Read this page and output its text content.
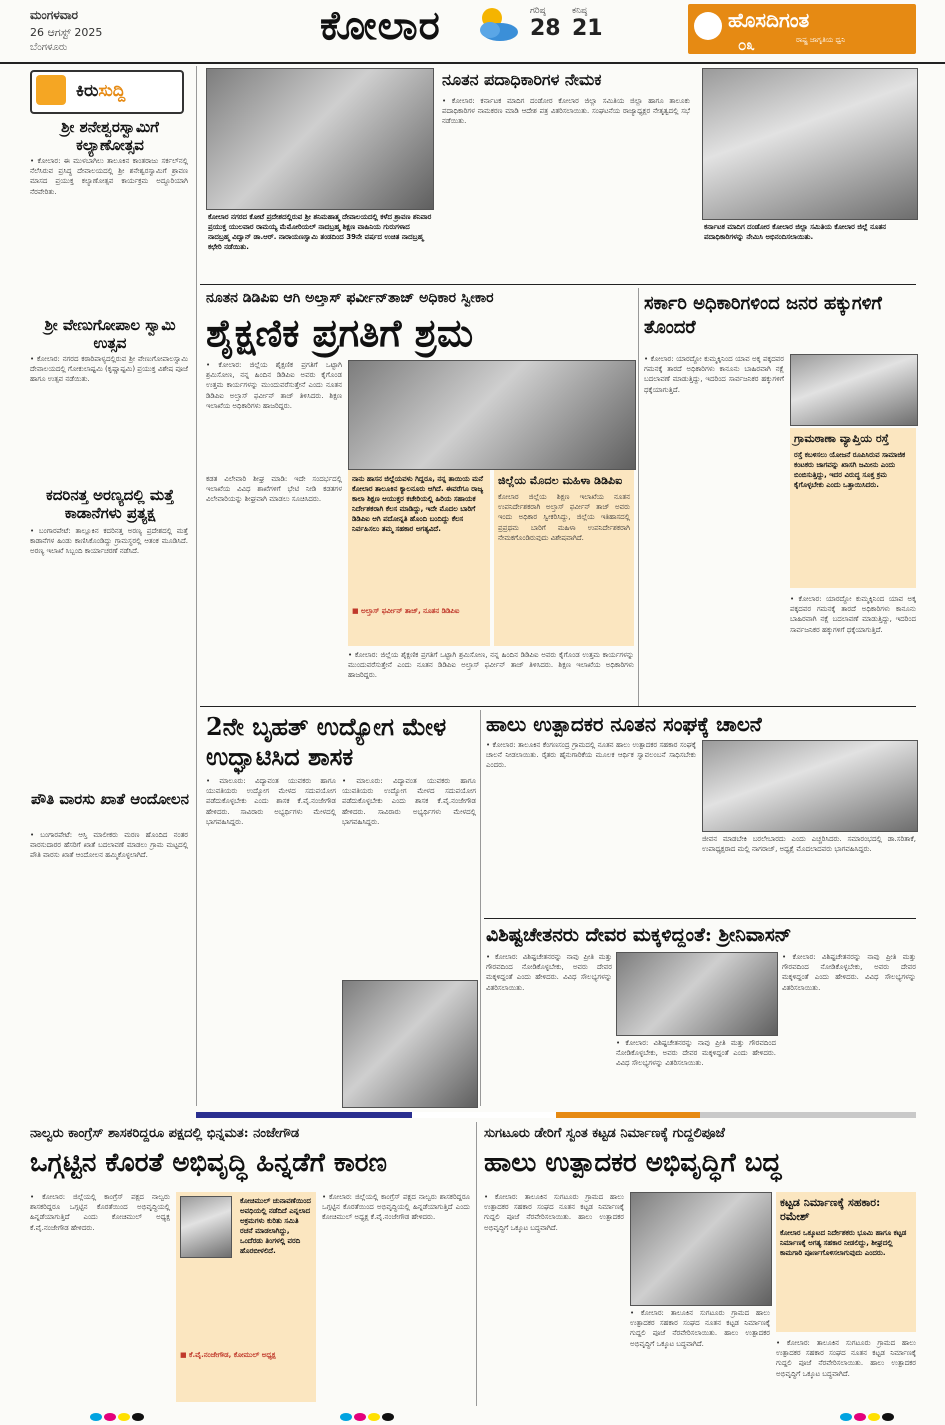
ಮಂಗಳವಾರ
26 ಆಗಸ್ಟ್ 2025
ಬೆಂಗಳೂರು	ಕೋಲಾರ	ಗರಿಷ್ಠ
28
ಕನಿಷ್ಠ
21	ಹೊಸದಿಗಂತ
೦೩	ರಾಷ್ಟ್ರ ಜಾಗೃತಿಯ ಧ್ವನಿ
ಕಿರುಸುದ್ದಿ
ಶ್ರೀ ಶನೇಶ್ವರಸ್ವಾಮಿಗೆ ಕಲ್ಯಾಣೋತ್ಸವ
• ಕೋಲಾರ: ಈ ಮುಳಬಾಗಿಲು ತಾಲೂಕಿನ ಕಾಂತರಾಜು ಸರ್ಕಲ್‌ನಲ್ಲಿ ನೆಲೆಸಿರುವ ಪ್ರಸಿದ್ಧ ದೇವಾಲಯದಲ್ಲಿ ಶ್ರೀ ಶನೇಶ್ವರಸ್ವಾಮಿಗೆ ಶ್ರಾವಣ ಮಾಸದ ಪ್ರಯುಕ್ತ ಕಲ್ಯಾಣೋತ್ಸವ ಕಾರ್ಯಕ್ರಮ ಅದ್ದೂರಿಯಾಗಿ ನೆರವೇರಿತು.
ಶ್ರೀ ವೇಣುಗೋಪಾಲ ಸ್ವಾಮಿ ಉತ್ಸವ
• ಕೋಲಾರ: ನಗರದ ಕಠಾರಿಪಾಳ್ಯದಲ್ಲಿರುವ ಶ್ರೀ ವೇಣುಗೋಪಾಲಸ್ವಾಮಿ ದೇವಾಲಯದಲ್ಲಿ ಗೋಕುಲಾಷ್ಟಮಿ (ಕೃಷ್ಣಾಷ್ಟಮಿ) ಪ್ರಯುಕ್ತ ವಿಶೇಷ ಪೂಜೆ ಹಾಗೂ ಉತ್ಸವ ನಡೆಯಿತು.
ಕದರಿನತ್ತ ಅರಣ್ಯದಲ್ಲಿ ಮತ್ತೆ ಕಾಡಾನೆಗಳು ಪ್ರತ್ಯಕ್ಷ
• ಬಂಗಾರಪೇಟೆ: ತಾಲ್ಲೂಕಿನ ಕದರಿನತ್ತ ಅರಣ್ಯ ಪ್ರದೇಶದಲ್ಲಿ ಮತ್ತೆ ಕಾಡಾನೆಗಳ ಹಿಂಡು ಕಾಣಿಸಿಕೊಂಡಿದ್ದು ಗ್ರಾಮಸ್ಥರಲ್ಲಿ ಆತಂಕ ಮೂಡಿಸಿದೆ. ಅರಣ್ಯ ಇಲಾಖೆ ಸಿಬ್ಬಂದಿ ಕಾರ್ಯಾಚರಣೆ ನಡೆಸಿದೆ.
ಪೌತಿ ವಾರಸು ಖಾತೆ ಆಂದೋಲನ
• ಬಂಗಾರಪೇಟೆ: ಆಸ್ತಿ ಮಾಲೀಕರು ಮರಣ ಹೊಂದಿದ ನಂತರ ವಾರಸುದಾರರ ಹೆಸರಿಗೆ ಖಾತೆ ಬದಲಾವಣೆ ಮಾಡಲು ಗ್ರಾಮ ಮಟ್ಟದಲ್ಲಿ ಪೌತಿ ವಾರಸು ಖಾತೆ ಆಂದೋಲನ ಹಮ್ಮಿಕೊಳ್ಳಲಾಗಿದೆ.
ಕೋಲಾರ ನಗರದ ಕೋಟೆ ಪ್ರದೇಶದಲ್ಲಿರುವ ಶ್ರೀ ಶನಿಮಹಾತ್ಮ ದೇವಾಲಯದಲ್ಲಿ ಕಳೆದ ಶ್ರಾವಣ ಶನಿವಾರ ಪ್ರಯುಕ್ತ ಯುಲವಾರ ರಾಮಯ್ಯ ಮೆಮೋರಿಯಲ್ ನಾದಬ್ರಹ್ಮ ಶಿಕ್ಷಣ ವಾಹಿನಿಯ ಗುರುಗಳಾದ ನಾದಬ್ರಹ್ಮ ವಿದ್ವಾನ್ ಡಾ.ಆರ್. ನಾರಾಯಣಸ್ವಾಮಿ ತಂಡದಿಂದ 39ನೇ ವರ್ಷದ ಉಚಿತ ನಾದಬ್ರಹ್ಮ ಕಛೇರಿ ನಡೆಯಿತು.
ನೂತನ ಪದಾಧಿಕಾರಿಗಳ ನೇಮಕ
• ಕೋಲಾರ: ಕರ್ನಾಟಕ ಮಾದಿಗ ದಂಡೋರ ಕೋಲಾರ ಜಿಲ್ಲಾ ಸಮಿತಿಯ ಜಿಲ್ಲಾ ಹಾಗೂ ತಾಲೂಕು ಪದಾಧಿಕಾರಿಗಳ ನಾಮಕರಣ ಮಾಡಿ ಆದೇಶ ಪತ್ರ ವಿತರಿಸಲಾಯಿತು. ಸಂಘಟನೆಯ ರಾಜ್ಯಾಧ್ಯಕ್ಷರ ನೇತೃತ್ವದಲ್ಲಿ ಸಭೆ ನಡೆಯಿತು.
ಕರ್ನಾಟಕ ಮಾದಿಗ ದಂಡೋರ ಕೋಲಾರ ಜಿಲ್ಲಾ ಸಮಿತಿಯ ಕೋಲಾರ ಜಿಲ್ಲೆ ನೂತನ ಪದಾಧಿಕಾರಿಗಳನ್ನು ನೇಮಿಸಿ ಅಭಿನಂದಿಸಲಾಯಿತು.
ನೂತನ ಡಿಡಿಪಿಐ ಆಗಿ ಅಲ್ತಾಸ್ ಫರ್ವೀನ್‌ತಾಜ್ ಅಧಿಕಾರ ಸ್ವೀಕಾರ
ಶೈಕ್ಷಣಿಕ ಪ್ರಗತಿಗೆ ಶ್ರಮ
• ಕೋಲಾರ: ಜಿಲ್ಲೆಯ ಶೈಕ್ಷಣಿಕ ಪ್ರಗತಿಗೆ ಒಟ್ಟಾಗಿ ಶ್ರಮಿಸೋಣ, ನನ್ನ ಹಿಂದಿನ ಡಿಡಿಪಿಐ ಅವರು ಕೈಗೊಂಡ ಉತ್ತಮ ಕಾರ್ಯಗಳನ್ನು ಮುಂದುವರೆಸುತ್ತೇನೆ ಎಂದು ನೂತನ ಡಿಡಿಪಿಐ ಅಲ್ತಾಸ್ ಫರ್ವೀನ್ ತಾಜ್ ತಿಳಿಸಿದರು. ಶಿಕ್ಷಣ ಇಲಾಖೆಯ ಅಧಿಕಾರಿಗಳು ಹಾಜರಿದ್ದರು.
ನಾನು ಹಾಸನ ಜಿಲ್ಲೆಯವಳು ಗಿದ್ದರೂ, ನನ್ನ ತಾಯಿಯ ಮನೆ ಕೋಲಾರ ತಾಲೂಕಿನ ಕ್ಯಾಲನೂರು ಆಗಿದೆ. ಈವರೆಗೂ ರಾಜ್ಯ ಕಾಲಾ ಶಿಕ್ಷಣ ಆಯುಕ್ತರ ಕಚೇರಿಯಲ್ಲಿ ಹಿರಿಯ ಸಹಾಯಕ ನಿರ್ದೇಶಕರಾಗಿ ಕೆಲಸ ಮಾಡಿದ್ದು, ಇದೇ ಮೊದಲ ಬಾರಿಗೆ ಡಿಡಿಪಿಐ ಆಗಿ ಪದೋನ್ನತಿ ಹೊಂದಿ ಬಂದಿದ್ದು ಕೆಲಸ ನಿರ್ವಹಿಸಲು ತಮ್ಮ ಸಹಕಾರ ಅಗತ್ಯವಿದೆ.
■ ಅಲ್ತಾಸ್ ಫರ್ವೀನ್ ತಾಜ್, ನೂತನ ಡಿಡಿಪಿಐ
ಜಿಲ್ಲೆಯ ಮೊದಲ ಮಹಿಳಾ ಡಿಡಿಪಿಐ
ಕೋಲಾರ ಜಿಲ್ಲೆಯ ಶಿಕ್ಷಣ ಇಲಾಖೆಯ ನೂತನ ಉಪನಿರ್ದೇಶಕರಾಗಿ ಅಲ್ತಾಸ್ ಫರ್ವೀನ್ ತಾಜ್ ಅವರು ಇಂದು ಅಧಿಕಾರ ಸ್ವೀಕರಿಸಿದ್ದು, ಜಿಲ್ಲೆಯ ಇತಿಹಾಸದಲ್ಲಿ ಪ್ರಪ್ರಥಮ ಬಾರಿಗೆ ಮಹಿಳಾ ಉಪನಿರ್ದೇಶಕರಾಗಿ ನೇಮಕಗೊಂಡಿರುವುದು ವಿಶೇಷವಾಗಿದೆ.
ಕಡತ ವಿಲೇವಾರಿ ಶೀಘ್ರ ಮಾಡಿ: ಇದೇ ಸಂದರ್ಭದಲ್ಲಿ ಇಲಾಖೆಯ ವಿವಿಧ ಶಾಖೆಗಳಿಗೆ ಭೇಟಿ ನೀಡಿ ಕಡತಗಳ ವಿಲೇವಾರಿಯನ್ನು ಶೀಘ್ರವಾಗಿ ಮಾಡಲು ಸೂಚಿಸಿದರು.
• ಕೋಲಾರ: ಜಿಲ್ಲೆಯ ಶೈಕ್ಷಣಿಕ ಪ್ರಗತಿಗೆ ಒಟ್ಟಾಗಿ ಶ್ರಮಿಸೋಣ, ನನ್ನ ಹಿಂದಿನ ಡಿಡಿಪಿಐ ಅವರು ಕೈಗೊಂಡ ಉತ್ತಮ ಕಾರ್ಯಗಳನ್ನು ಮುಂದುವರೆಸುತ್ತೇನೆ ಎಂದು ನೂತನ ಡಿಡಿಪಿಐ ಅಲ್ತಾಸ್ ಫರ್ವೀನ್ ತಾಜ್ ತಿಳಿಸಿದರು. ಶಿಕ್ಷಣ ಇಲಾಖೆಯ ಅಧಿಕಾರಿಗಳು ಹಾಜರಿದ್ದರು.
ಸರ್ಕಾರಿ ಅಧಿಕಾರಿಗಳಿಂದ ಜನರ ಹಕ್ಕುಗಳಿಗೆ ತೊಂದರೆ
• ಕೋಲಾರ: ಯಾರದ್ದೋ ಕುಮ್ಮಕ್ಕಿನಿಂದ ಯಾವ ಅಕ್ಕ ಪಕ್ಕದವರ ಗಮನಕ್ಕೆ ತಾರದೆ ಅಧಿಕಾರಿಗಳು ಕಾನೂನು ಬಾಹಿರವಾಗಿ ನಕ್ಷೆ ಬದಲಾವಣೆ ಮಾಡುತ್ತಿದ್ದು, ಇದರಿಂದ ಸಾರ್ವಜನಿಕರ ಹಕ್ಕುಗಳಿಗೆ ಧಕ್ಕೆಯಾಗುತ್ತಿದೆ.
ಗ್ರಾಮಠಾಣಾ ವ್ಯಾಪ್ತಿಯ ರಸ್ತೆ
ರಸ್ತೆ ಕಬಳಿಸಲು ಯೋಜನೆ ರೂಪಿಸಿರುವ ಸಾಮಾಜಿಕ ಕಂಟಕರು ಜಾಗವನ್ನು ಖಾಸಗಿ ಜಮೀನು ಎಂದು ಬಿಂಬಿಸುತ್ತಿದ್ದು, ಇದರ ವಿರುದ್ಧ ಸೂಕ್ತ ಕ್ರಮ ಕೈಗೊಳ್ಳಬೇಕು ಎಂದು ಒತ್ತಾಯಿಸಿದರು.
• ಕೋಲಾರ: ಯಾರದ್ದೋ ಕುಮ್ಮಕ್ಕಿನಿಂದ ಯಾವ ಅಕ್ಕ ಪಕ್ಕದವರ ಗಮನಕ್ಕೆ ತಾರದೆ ಅಧಿಕಾರಿಗಳು ಕಾನೂನು ಬಾಹಿರವಾಗಿ ನಕ್ಷೆ ಬದಲಾವಣೆ ಮಾಡುತ್ತಿದ್ದು, ಇದರಿಂದ ಸಾರ್ವಜನಿಕರ ಹಕ್ಕುಗಳಿಗೆ ಧಕ್ಕೆಯಾಗುತ್ತಿದೆ.
2ನೇ ಬೃಹತ್ ಉದ್ಯೋಗ ಮೇಳ ಉದ್ಘಾಟಿಸಿದ ಶಾಸಕ
• ಮಾಲೂರು: ವಿದ್ಯಾವಂತ ಯುವಕರು ಹಾಗೂ ಯುವತಿಯರು ಉದ್ಯೋಗ ಮೇಳದ ಸದುಪಯೋಗ ಪಡೆದುಕೊಳ್ಳಬೇಕು ಎಂದು ಶಾಸಕ ಕೆ.ವೈ.ನಂಜೇಗೌಡ ಹೇಳಿದರು. ಸಾವಿರಾರು ಅಭ್ಯರ್ಥಿಗಳು ಮೇಳದಲ್ಲಿ ಭಾಗವಹಿಸಿದ್ದರು.
• ಮಾಲೂರು: ವಿದ್ಯಾವಂತ ಯುವಕರು ಹಾಗೂ ಯುವತಿಯರು ಉದ್ಯೋಗ ಮೇಳದ ಸದುಪಯೋಗ ಪಡೆದುಕೊಳ್ಳಬೇಕು ಎಂದು ಶಾಸಕ ಕೆ.ವೈ.ನಂಜೇಗೌಡ ಹೇಳಿದರು. ಸಾವಿರಾರು ಅಭ್ಯರ್ಥಿಗಳು ಮೇಳದಲ್ಲಿ ಭಾಗವಹಿಸಿದ್ದರು.
ಹಾಲು ಉತ್ಪಾದಕರ ನೂತನ ಸಂಘಕ್ಕೆ ಚಾಲನೆ
• ಕೋಲಾರ: ತಾಲೂಕಿನ ಕೆಂಗಣಸಂದ್ರ ಗ್ರಾಮದಲ್ಲಿ ನೂತನ ಹಾಲು ಉತ್ಪಾದಕರ ಸಹಕಾರ ಸಂಘಕ್ಕೆ ಚಾಲನೆ ನೀಡಲಾಯಿತು. ರೈತರು ಹೈನುಗಾರಿಕೆಯ ಮೂಲಕ ಆರ್ಥಿಕ ಸ್ವಾವಲಂಬನೆ ಸಾಧಿಸಬೇಕು ಎಂದರು.
ಜೀವನ ಮಾಡಬೇಕಿ ಬರಲೇಬಾರದು ಎಂದು ಎಚ್ಚರಿಸಿದರು. ಸಮಾರಂಭದಲ್ಲಿ ಡಾ.ಸರಿತಾಕೆ, ಉಪಾಧ್ಯಕ್ಷರಾದ ಮಲ್ಲಿ ನಾಗರಾಜ್, ಅಧ್ಯಕ್ಷೆ ಮೊದಲಾದವರು ಭಾಗವಹಿಸಿದ್ದರು.
ವಿಶಿಷ್ಟಚೇತನರು ದೇವರ ಮಕ್ಕಳಿದ್ದಂತೆ: ಶ್ರೀನಿವಾಸನ್
• ಕೋಲಾರ: ವಿಶಿಷ್ಟಚೇತನರನ್ನು ನಾವು ಪ್ರೀತಿ ಮತ್ತು ಗೌರವದಿಂದ ನೋಡಿಕೊಳ್ಳಬೇಕು, ಅವರು ದೇವರ ಮಕ್ಕಳಿದ್ದಂತೆ ಎಂದು ಹೇಳಿದರು. ವಿವಿಧ ಸೌಲಭ್ಯಗಳನ್ನು ವಿತರಿಸಲಾಯಿತು.
• ಕೋಲಾರ: ವಿಶಿಷ್ಟಚೇತನರನ್ನು ನಾವು ಪ್ರೀತಿ ಮತ್ತು ಗೌರವದಿಂದ ನೋಡಿಕೊಳ್ಳಬೇಕು, ಅವರು ದೇವರ ಮಕ್ಕಳಿದ್ದಂತೆ ಎಂದು ಹೇಳಿದರು. ವಿವಿಧ ಸೌಲಭ್ಯಗಳನ್ನು ವಿತರಿಸಲಾಯಿತು.
• ಕೋಲಾರ: ವಿಶಿಷ್ಟಚೇತನರನ್ನು ನಾವು ಪ್ರೀತಿ ಮತ್ತು ಗೌರವದಿಂದ ನೋಡಿಕೊಳ್ಳಬೇಕು, ಅವರು ದೇವರ ಮಕ್ಕಳಿದ್ದಂತೆ ಎಂದು ಹೇಳಿದರು. ವಿವಿಧ ಸೌಲಭ್ಯಗಳನ್ನು ವಿತರಿಸಲಾಯಿತು.
ನಾಲ್ವರು ಕಾಂಗ್ರೆಸ್ ಶಾಸಕರಿದ್ದರೂ ಪಕ್ಷದಲ್ಲಿ ಭಿನ್ನಮತ: ನಂಜೇಗೌಡ
ಒಗ್ಗಟ್ಟಿನ ಕೊರತೆ ಅಭಿವೃದ್ಧಿ ಹಿನ್ನಡೆಗೆ ಕಾರಣ
• ಕೋಲಾರ: ಜಿಲ್ಲೆಯಲ್ಲಿ ಕಾಂಗ್ರೆಸ್ ಪಕ್ಷದ ನಾಲ್ವರು ಶಾಸಕರಿದ್ದರೂ ಒಗ್ಗಟ್ಟಿನ ಕೊರತೆಯಿಂದ ಅಭಿವೃದ್ಧಿಯಲ್ಲಿ ಹಿನ್ನಡೆಯಾಗುತ್ತಿದೆ ಎಂದು ಕೋಚಿಮುಲ್ ಅಧ್ಯಕ್ಷ ಕೆ.ವೈ.ನಂಜೇಗೌಡ ಹೇಳಿದರು.
ಕೋಚಿಮುಲ್ ಚುನಾವಣೆಯಿಂದ ಅವಧಿಯಲ್ಲಿ ನಡೆದಿದೆ ಎನ್ನಲಾದ ಅಕ್ರಮಗಳು ಕುರಿತು ಸಮಿತಿ ರಚನೆ ಮಾಡಲಾಗಿದ್ದು, ಒಂದೆರಡು ತಿಂಗಳಲ್ಲಿ ವರದಿ ಹೊರಬೀಳಲಿದೆ.
■ ಕೆ.ವೈ.ನಂಜೇಗೌಡ, ಕೋಮುಲ್ ಅಧ್ಯಕ್ಷ
• ಕೋಲಾರ: ಜಿಲ್ಲೆಯಲ್ಲಿ ಕಾಂಗ್ರೆಸ್ ಪಕ್ಷದ ನಾಲ್ವರು ಶಾಸಕರಿದ್ದರೂ ಒಗ್ಗಟ್ಟಿನ ಕೊರತೆಯಿಂದ ಅಭಿವೃದ್ಧಿಯಲ್ಲಿ ಹಿನ್ನಡೆಯಾಗುತ್ತಿದೆ ಎಂದು ಕೋಚಿಮುಲ್ ಅಧ್ಯಕ್ಷ ಕೆ.ವೈ.ನಂಜೇಗೌಡ ಹೇಳಿದರು.
ಸುಗಟೂರು ಡೇರಿಗೆ ಸ್ವಂತ ಕಟ್ಟಡ ನಿರ್ಮಾಣಕ್ಕೆ ಗುದ್ದಲಿಪೂಜೆ
ಹಾಲು ಉತ್ಪಾದಕರ ಅಭಿವೃದ್ಧಿಗೆ ಬದ್ಧ
• ಕೋಲಾರ: ತಾಲೂಕಿನ ಸುಗಟೂರು ಗ್ರಾಮದ ಹಾಲು ಉತ್ಪಾದಕರ ಸಹಕಾರ ಸಂಘದ ನೂತನ ಕಟ್ಟಡ ನಿರ್ಮಾಣಕ್ಕೆ ಗುದ್ದಲಿ ಪೂಜೆ ನೆರವೇರಿಸಲಾಯಿತು. ಹಾಲು ಉತ್ಪಾದಕರ ಅಭಿವೃದ್ಧಿಗೆ ಒಕ್ಕೂಟ ಬದ್ಧವಾಗಿದೆ.
• ಕೋಲಾರ: ತಾಲೂಕಿನ ಸುಗಟೂರು ಗ್ರಾಮದ ಹಾಲು ಉತ್ಪಾದಕರ ಸಹಕಾರ ಸಂಘದ ನೂತನ ಕಟ್ಟಡ ನಿರ್ಮಾಣಕ್ಕೆ ಗುದ್ದಲಿ ಪೂಜೆ ನೆರವೇರಿಸಲಾಯಿತು. ಹಾಲು ಉತ್ಪಾದಕರ ಅಭಿವೃದ್ಧಿಗೆ ಒಕ್ಕೂಟ ಬದ್ಧವಾಗಿದೆ.
ಕಟ್ಟಡ ನಿರ್ಮಾಣಕ್ಕೆ ಸಹಕಾರ: ರಮೇಶ್
ಕೋಲಾರ ಒಕ್ಕೂಟದ ನಿರ್ದೇಶಕರು ಭೂಮಿ ಹಾಗೂ ಕಟ್ಟಡ ನಿರ್ಮಾಣಕ್ಕೆ ಅಗತ್ಯ ಸಹಕಾರ ನೀಡಲಿದ್ದು, ಶೀಘ್ರದಲ್ಲಿ ಕಾಮಗಾರಿ ಪೂರ್ಣಗೊಳಿಸಲಾಗುವುದು ಎಂದರು.
• ಕೋಲಾರ: ತಾಲೂಕಿನ ಸುಗಟೂರು ಗ್ರಾಮದ ಹಾಲು ಉತ್ಪಾದಕರ ಸಹಕಾರ ಸಂಘದ ನೂತನ ಕಟ್ಟಡ ನಿರ್ಮಾಣಕ್ಕೆ ಗುದ್ದಲಿ ಪೂಜೆ ನೆರವೇರಿಸಲಾಯಿತು. ಹಾಲು ಉತ್ಪಾದಕರ ಅಭಿವೃದ್ಧಿಗೆ ಒಕ್ಕೂಟ ಬದ್ಧವಾಗಿದೆ.
